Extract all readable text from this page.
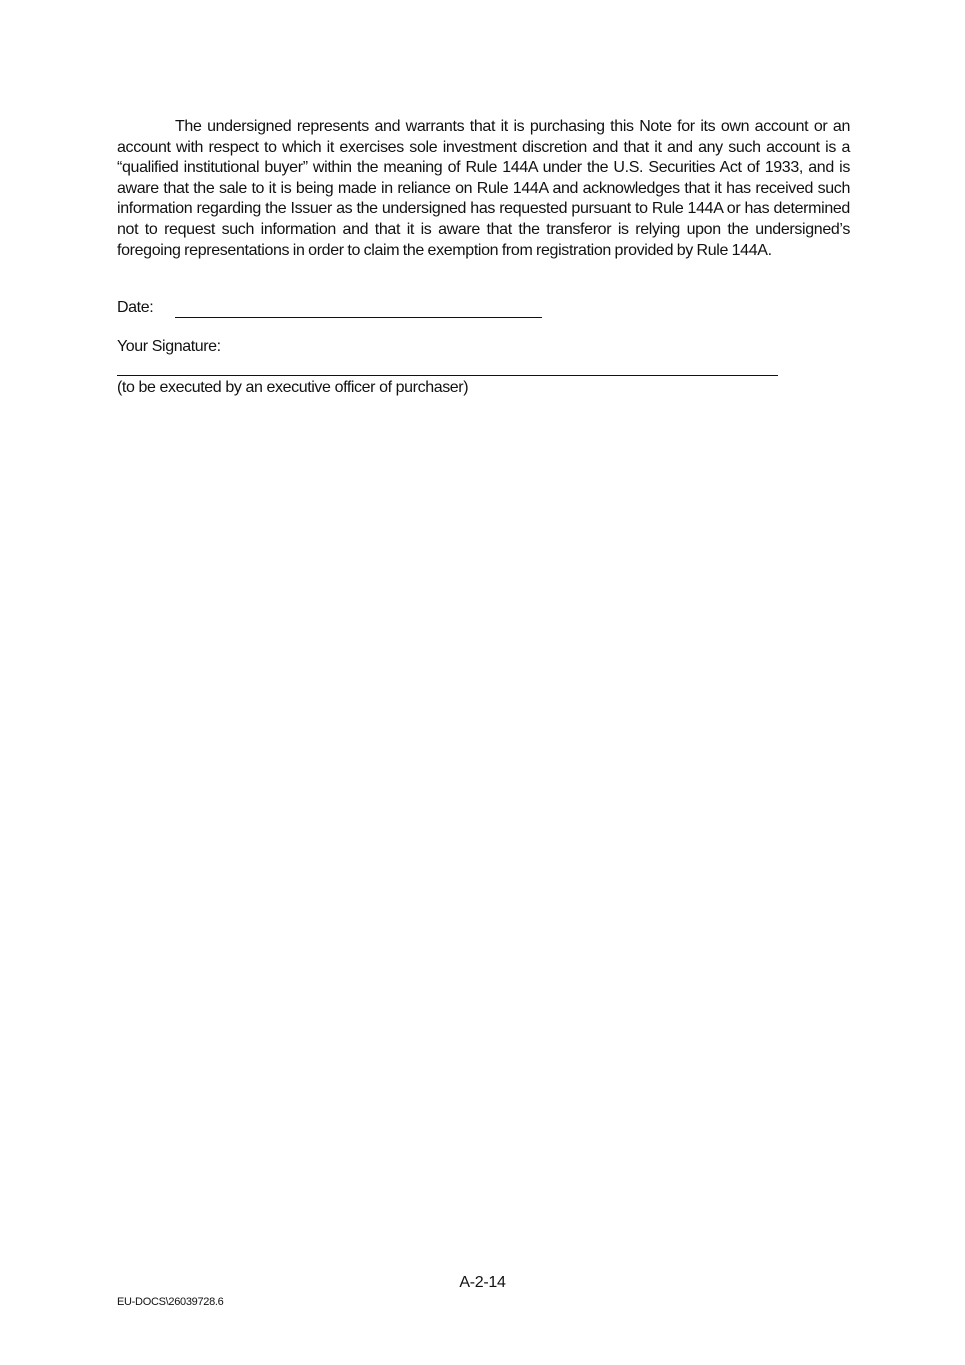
The undersigned represents and warrants that it is purchasing this Note for its own account or an account with respect to which it exercises sole investment discretion and that it and any such account is a “qualified institutional buyer” within the meaning of Rule 144A under the U.S. Securities Act of 1933, and is aware that the sale to it is being made in reliance on Rule 144A and acknowledges that it has received such information regarding the Issuer as the undersigned has requested pursuant to Rule 144A or has determined not to request such information and that it is aware that the transferor is relying upon the undersigned’s foregoing representations in order to claim the exemption from registration provided by Rule 144A.

Date:
Your Signature:
(to be executed by an executive officer of purchaser)
A-2-14
EU-DOCS\26039728.6
